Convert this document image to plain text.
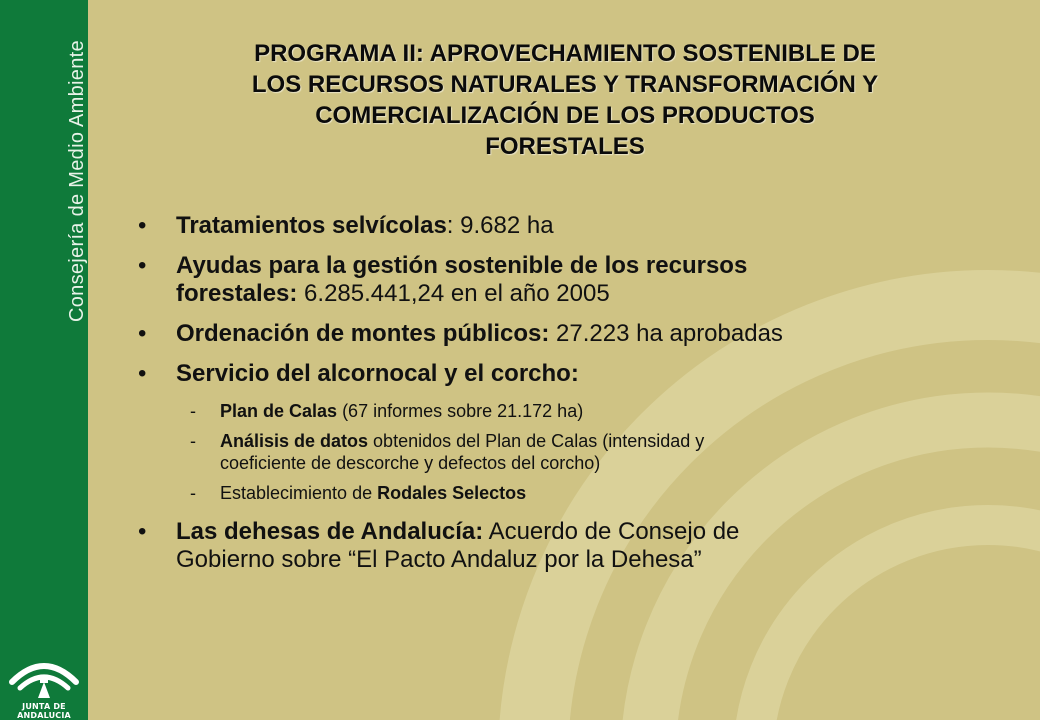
Consejería de Medio Ambiente
JUNTA DE ANDALUCIA
PROGRAMA II: APROVECHAMIENTO SOSTENIBLE DE
LOS RECURSOS NATURALES Y TRANSFORMACIÓN Y
COMERCIALIZACIÓN DE LOS PRODUCTOS
FORESTALES
• Tratamientos selvícolas: 9.682 ha
• Ayudas para la gestión sostenible de los recursos
forestales: 6.285.441,24 en el año 2005
• Ordenación de montes públicos: 27.223 ha aprobadas
• Servicio del alcornocal y el corcho:
- Plan de Calas (67 informes sobre 21.172 ha)
- Análisis de datos obtenidos del Plan de Calas (intensidad y
coeficiente de descorche y defectos del corcho)
- Establecimiento de Rodales Selectos
• Las dehesas de Andalucía: Acuerdo de Consejo de
Gobierno sobre “El Pacto Andaluz por la Dehesa”
